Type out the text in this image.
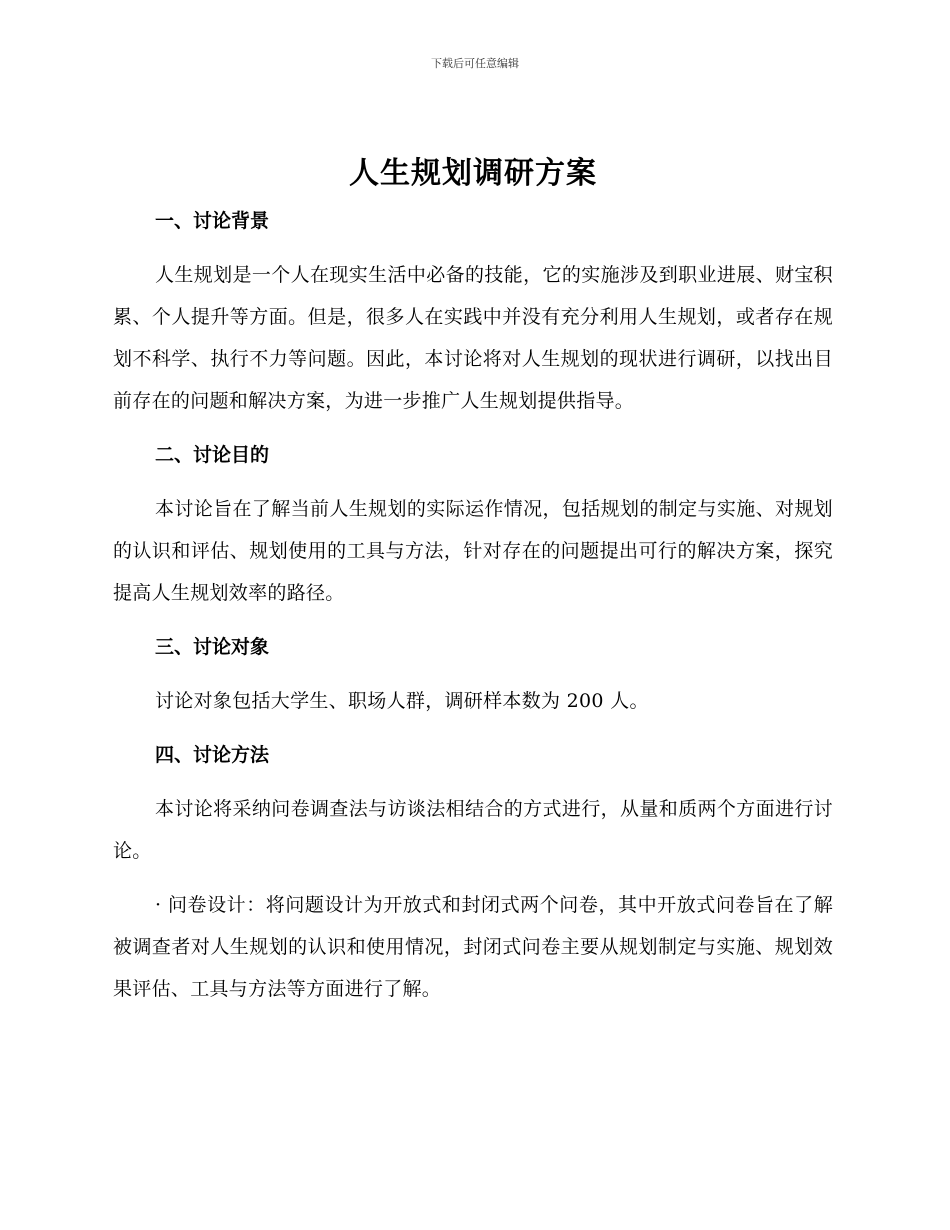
下载后可任意编辑
人生规划调研方案
一、讨论背景

人生规划是一个人在现实生活中必备的技能，它的实施涉及到职业进展、财宝积累、个人提升等方面。但是，很多人在实践中并没有充分利用人生规划，或者存在规划不科学、执行不力等问题。因此，本讨论将对人生规划的现状进行调研，以找出目前存在的问题和解决方案，为进一步推广人生规划提供指导。

二、讨论目的

本讨论旨在了解当前人生规划的实际运作情况，包括规划的制定与实施、对规划的认识和评估、规划使用的工具与方法，针对存在的问题提出可行的解决方案，探究提高人生规划效率的路径。

三、讨论对象

讨论对象包括大学生、职场人群，调研样本数为 200 人。

四、讨论方法

本讨论将采纳问卷调查法与访谈法相结合的方式进行，从量和质两个方面进行讨论。

· 问卷设计：将问题设计为开放式和封闭式两个问卷，其中开放式问卷旨在了解被调查者对人生规划的认识和使用情况，封闭式问卷主要从规划制定与实施、规划效果评估、工具与方法等方面进行了解。
